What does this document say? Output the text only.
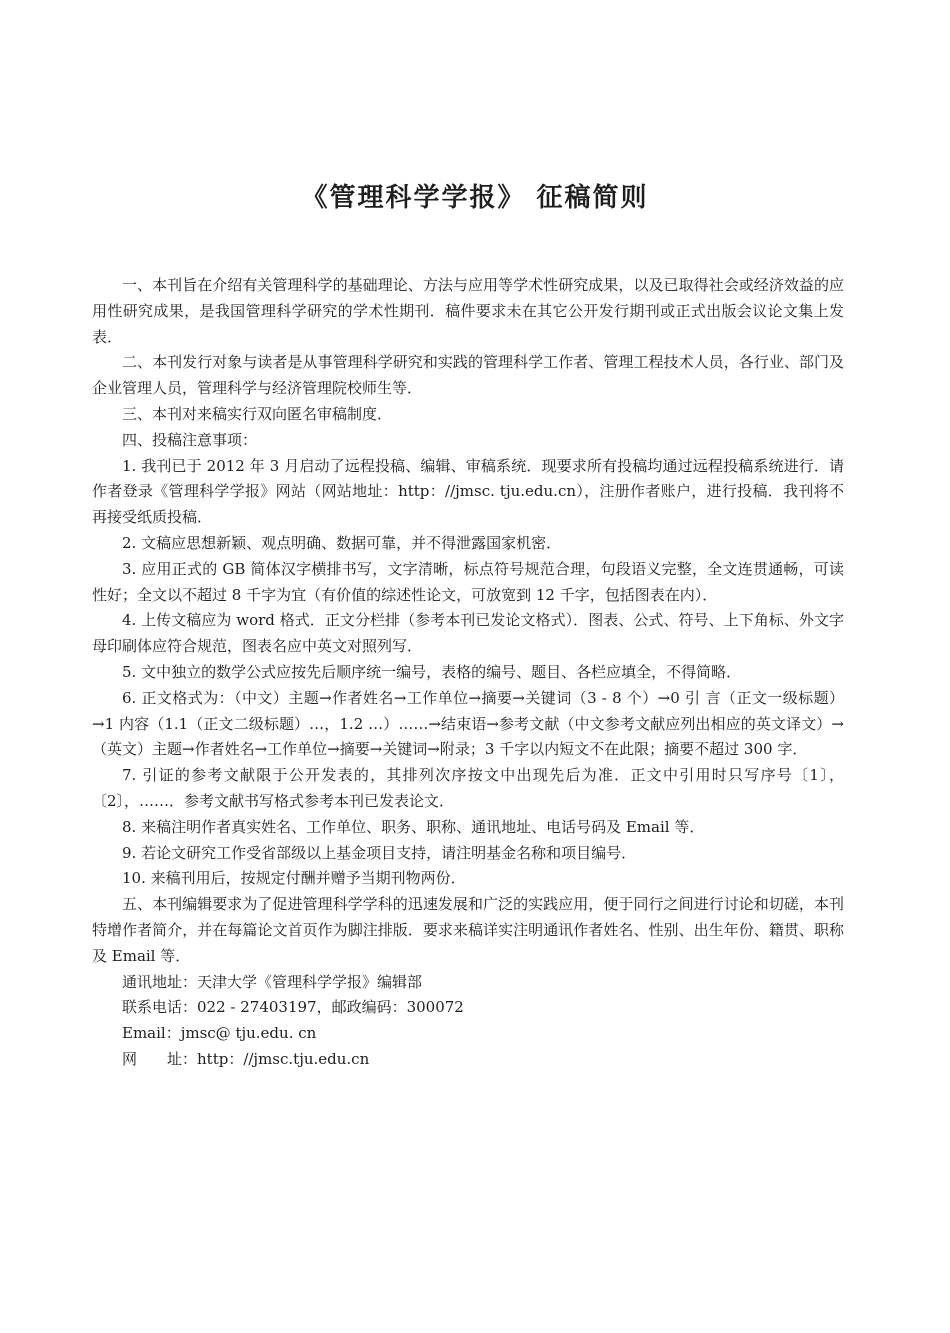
《管理科学学报》 征稿简则

一、本刊旨在介绍有关管理科学的基础理论、方法与应用等学术性研究成果，以及已取得社会或经济效益的应用性研究成果，是我国管理科学研究的学术性期刊．稿件要求未在其它公开发行期刊或正式出版会议论文集上发表．

二、本刊发行对象与读者是从事管理科学研究和实践的管理科学工作者、管理工程技术人员，各行业、部门及企业管理人员，管理科学与经济管理院校师生等．

三、本刊对来稿实行双向匿名审稿制度．

四、投稿注意事项：

1. 我刊已于 2012 年 3 月启动了远程投稿、编辑、审稿系统．现要求所有投稿均通过远程投稿系统进行．请作者登录《管理科学学报》网站（网站地址：http：//jmsc. tju.edu.cn），注册作者账户，进行投稿．我刊将不再接受纸质投稿．

2. 文稿应思想新颖、观点明确、数据可靠，并不得泄露国家机密．

3. 应用正式的 GB 简体汉字横排书写，文字清晰，标点符号规范合理，句段语义完整，全文连贯通畅，可读性好；全文以不超过 8 千字为宜（有价值的综述性论文，可放宽到 12 千字，包括图表在内）．

4. 上传文稿应为 word 格式．正文分栏排（参考本刊已发论文格式）．图表、公式、符号、上下角标、外文字母印刷体应符合规范，图表名应中英文对照列写．

5. 文中独立的数学公式应按先后顺序统一编号，表格的编号、题目、各栏应填全，不得简略．

6. 正文格式为：（中文）主题→作者姓名→工作单位→摘要→关键词（3 - 8 个）→0 引 言（正文一级标题）→1 内容（1.1（正文二级标题）…，1.2 …）……→结束语→参考文献（中文参考文献应列出相应的英文译文）→（英文）主题→作者姓名→工作单位→摘要→关键词→附录；3 千字以内短文不在此限；摘要不超过 300 字．

7. 引证的参考文献限于公开发表的，其排列次序按文中出现先后为准．正文中引用时只写序号〔1〕，〔2〕，……．参考文献书写格式参考本刊已发表论文．

8. 来稿注明作者真实姓名、工作单位、职务、职称、通讯地址、电话号码及 Email 等．

9. 若论文研究工作受省部级以上基金项目支持，请注明基金名称和项目编号．

10. 来稿刊用后，按规定付酬并赠予当期刊物两份．

五、本刊编辑要求为了促进管理科学学科的迅速发展和广泛的实践应用，便于同行之间进行讨论和切磋，本刊特增作者简介，并在每篇论文首页作为脚注排版．要求来稿详实注明通讯作者姓名、性别、出生年份、籍贯、职称及 Email 等．

通讯地址：天津大学《管理科学学报》编辑部

联系电话：022 - 27403197，邮政编码：300072

Email：jmsc@ tju.edu. cn

网　　址：http：//jmsc.tju.edu.cn
